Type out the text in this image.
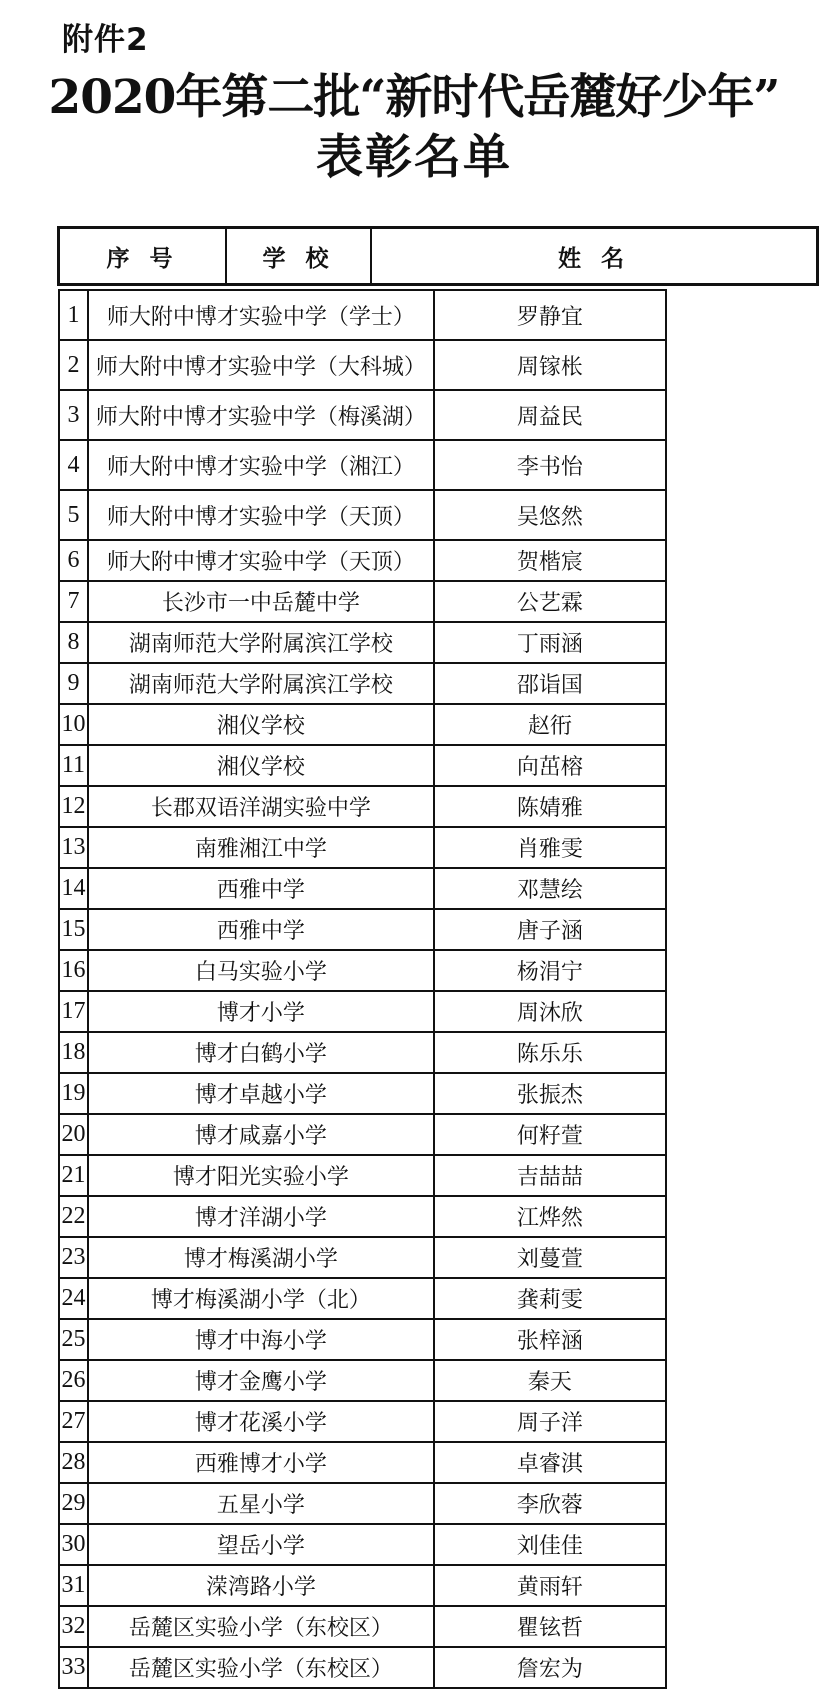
附件2
2020年第二批“新时代岳麓好少年”
表彰名单
序 号	学 校	姓 名
1	师大附中博才实验中学（学士）	罗静宜
2	师大附中博才实验中学（大科城）	周镓枨
3	师大附中博才实验中学（梅溪湖）	周益民
4	师大附中博才实验中学（湘江）	李书怡
5	师大附中博才实验中学（天顶）	吴悠然
6	师大附中博才实验中学（天顶）	贺楷宸
7	长沙市一中岳麓中学	公艺霖
8	湖南师范大学附属滨江学校	丁雨涵
9	湖南师范大学附属滨江学校	邵诣国
10	湘仪学校	赵衎
11	湘仪学校	向茁榕
12	长郡双语洋湖实验中学	陈婧雅
13	南雅湘江中学	肖雅雯
14	西雅中学	邓慧绘
15	西雅中学	唐子涵
16	白马实验小学	杨涓宁
17	博才小学	周沐欣
18	博才白鹤小学	陈乐乐
19	博才卓越小学	张振杰
20	博才咸嘉小学	何籽萱
21	博才阳光实验小学	吉喆喆
22	博才洋湖小学	江烨然
23	博才梅溪湖小学	刘蔓萱
24	博才梅溪湖小学（北）	龚莉雯
25	博才中海小学	张梓涵
26	博才金鹰小学	秦天
27	博才花溪小学	周子洋
28	西雅博才小学	卓睿淇
29	五星小学	李欣蓉
30	望岳小学	刘佳佳
31	溁湾路小学	黄雨轩
32	岳麓区实验小学（东校区）	瞿铉哲
33	岳麓区实验小学（东校区）	詹宏为
